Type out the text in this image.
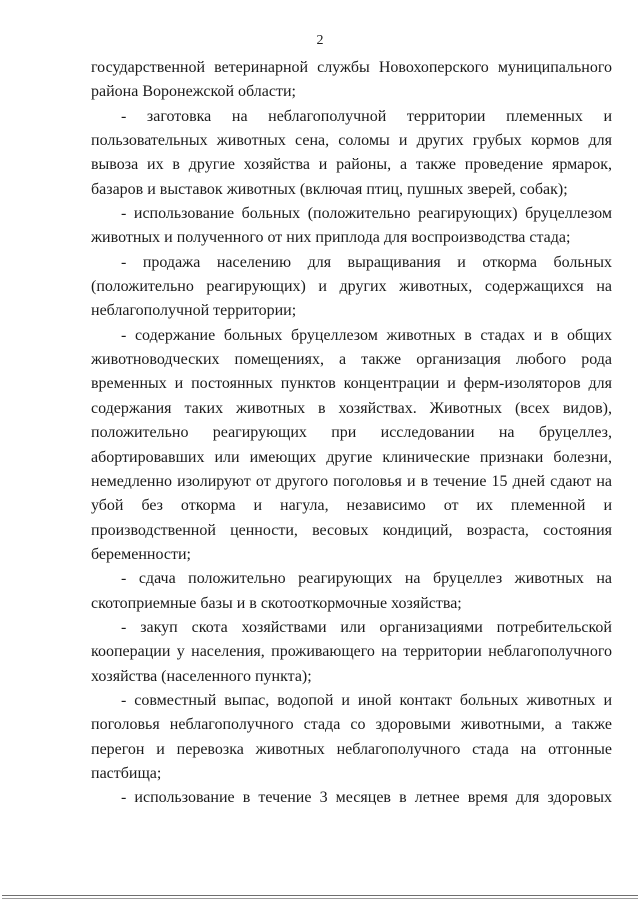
2

государственной ветеринарной службы Новохоперского муниципального района Воронежской области;

- заготовка на неблагополучной территории племенных и пользовательных животных сена, соломы и других грубых кормов для вывоза их в другие хозяйства и районы, а также проведение ярмарок, базаров и выставок животных (включая птиц, пушных зверей, собак);

- использование больных (положительно реагирующих) бруцеллезом животных и полученного от них приплода для воспроизводства стада;

- продажа населению для выращивания и откорма больных (положительно реагирующих) и других животных, содержащихся на неблагополучной территории;

- содержание больных бруцеллезом животных в стадах и в общих животноводческих помещениях, а также организация любого рода временных и постоянных пунктов концентрации и ферм-изоляторов для содержания таких животных в хозяйствах. Животных (всех видов), положительно реагирующих при исследовании на бруцеллез, абортировавших или имеющих другие клинические признаки болезни, немедленно изолируют от другого поголовья и в течение 15 дней сдают на убой без откорма и нагула, независимо от их племенной и производственной ценности, весовых кондиций, возраста, состояния беременности;

- сдача положительно реагирующих на бруцеллез животных на скотоприемные базы и в скотооткормочные хозяйства;

- закуп скота хозяйствами или организациями потребительской кооперации у населения, проживающего на территории неблагополучного хозяйства (населенного пункта);

- совместный выпас, водопой и иной контакт больных животных и поголовья неблагополучного стада со здоровыми животными, а также перегон и перевозка животных неблагополучного стада на отгонные пастбища;

- использование в течение 3 месяцев в летнее время для здоровых
